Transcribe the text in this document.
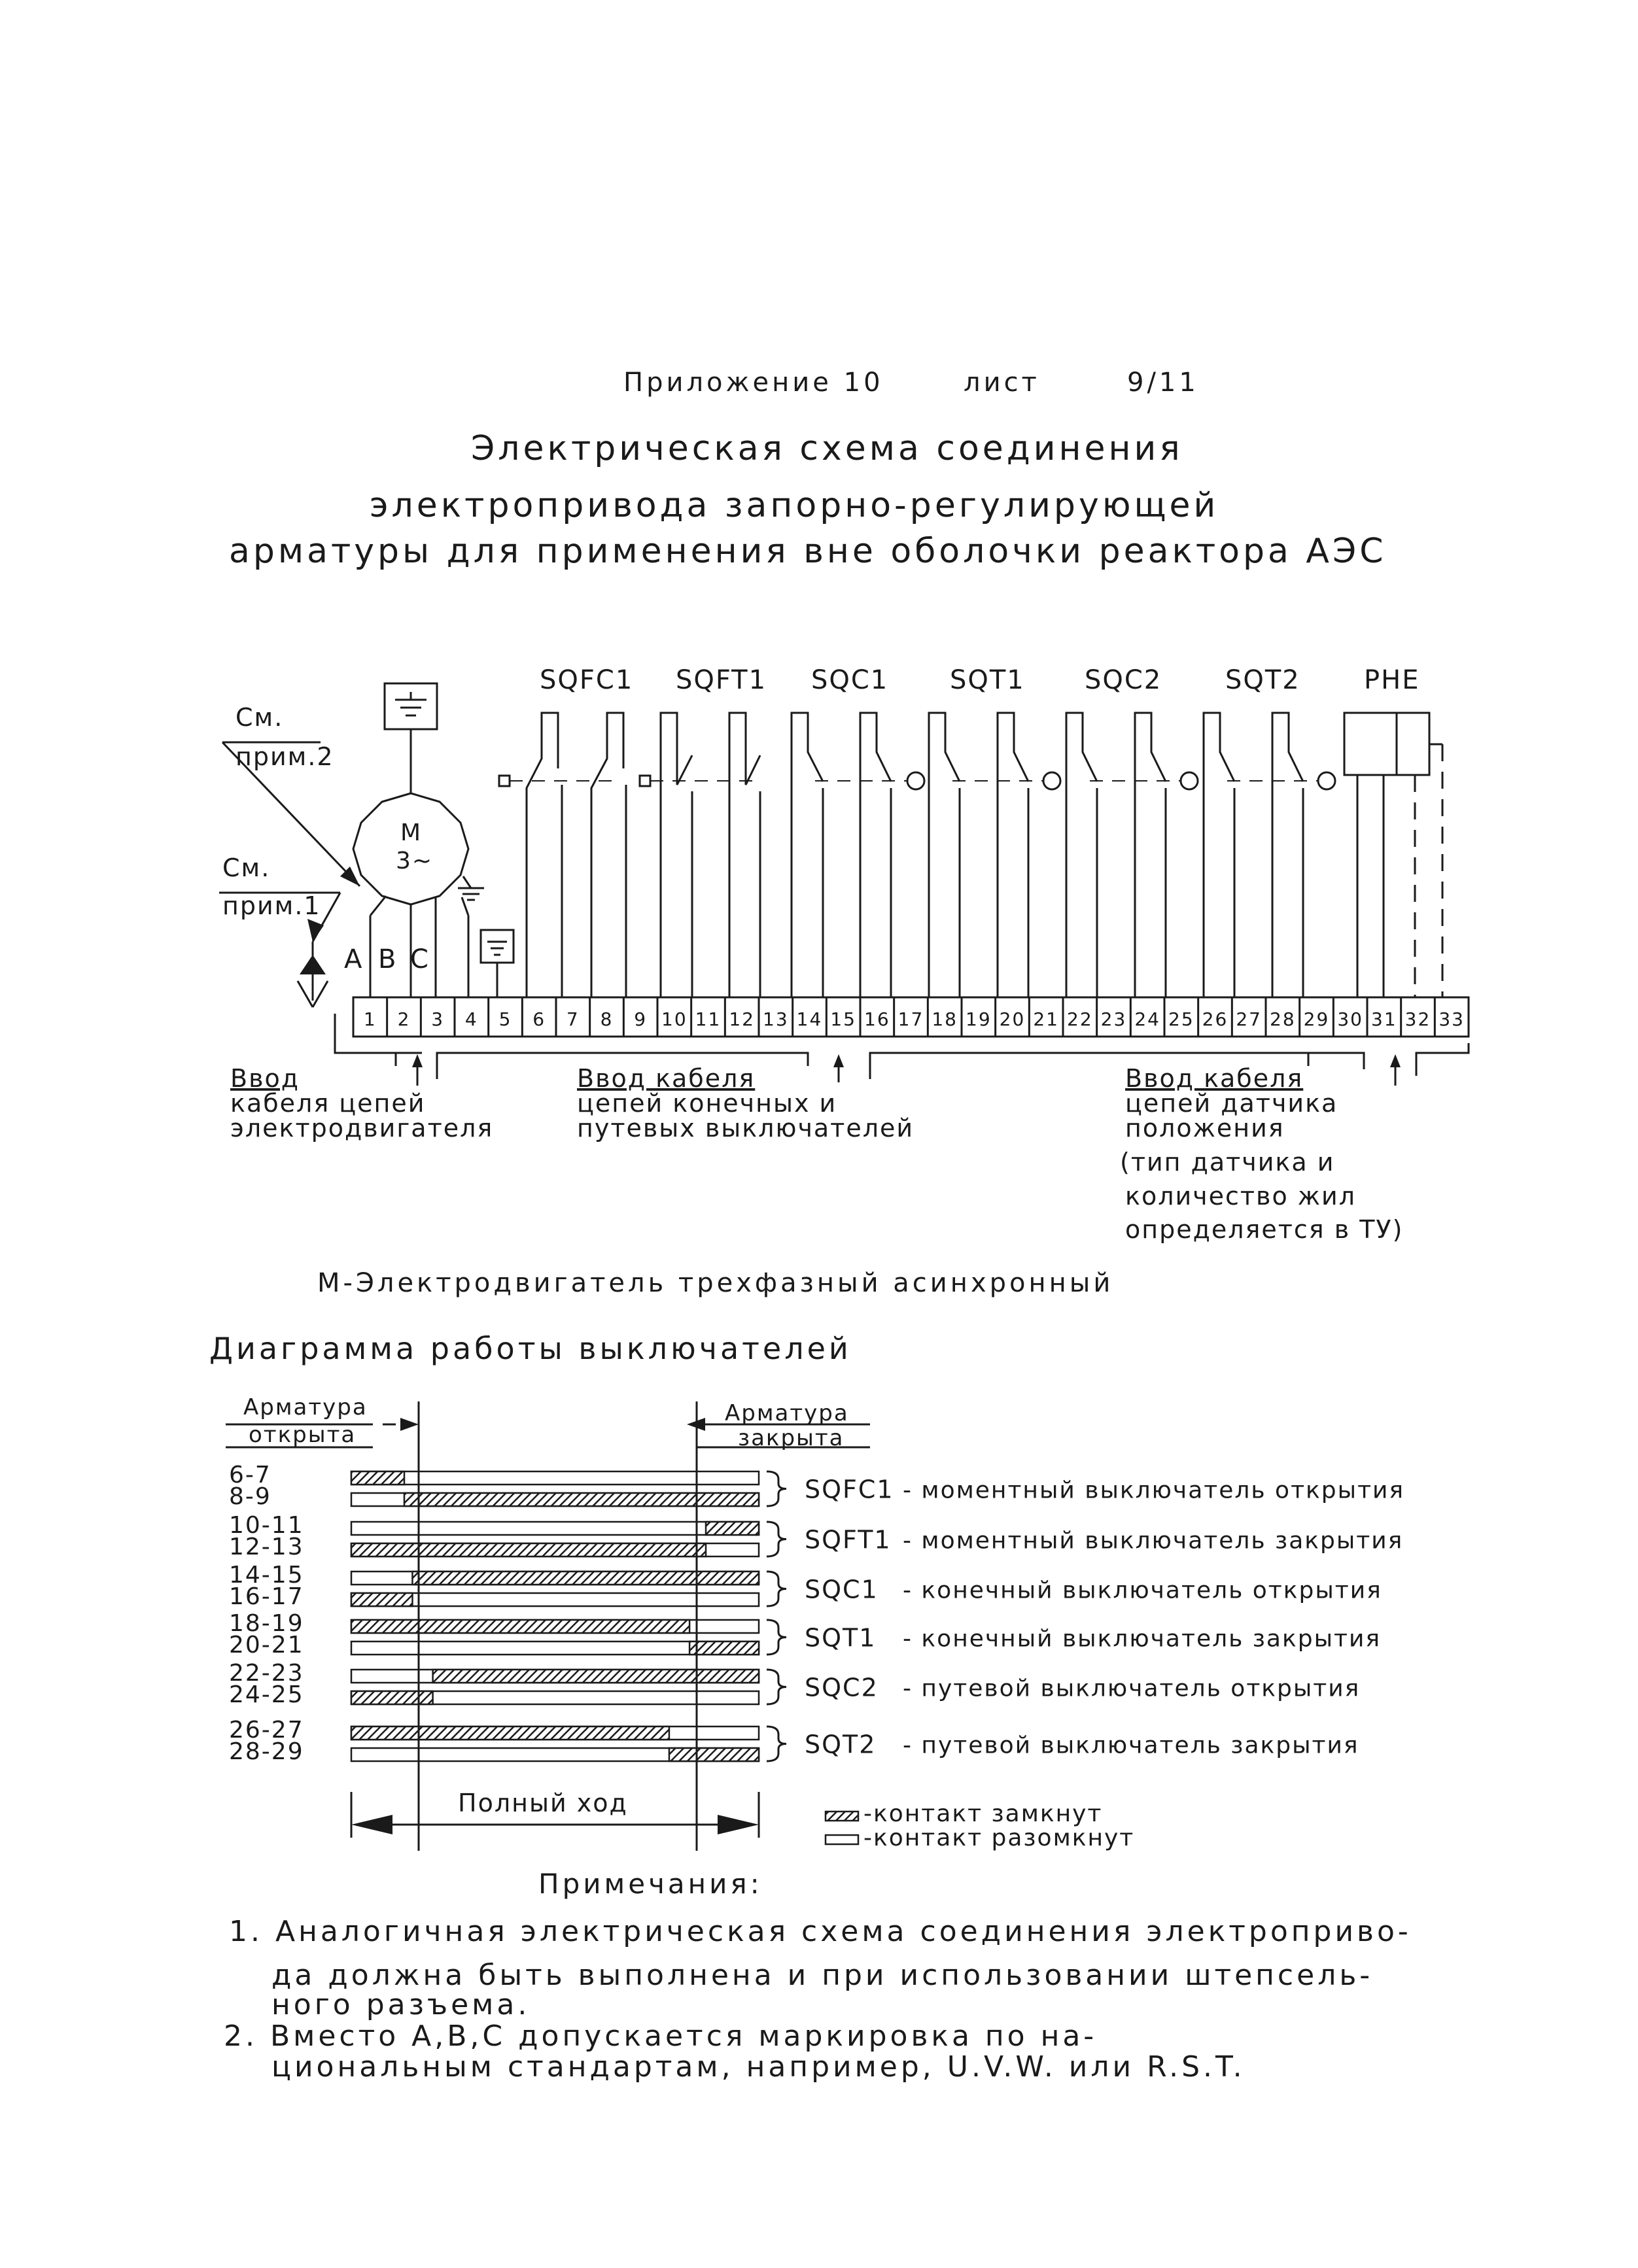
Приложение 10	лист	9/11
Электрическая схема соединения
электропривода запорно-регулирующей
арматуры для применения вне оболочки реактора АЭС
SQFC1 SQFT1 SQC1 SQT1 SQC2 SQT2 PHE
M
3~
A B C
См.
прим.2
См.
прим.1
1 2 3 4 5 6 7 8 9 10 11 12 13 14 15 16 17 18 19 20 21 22 23 24 25 26 27 28 29 30 31 32 33
Ввод
кабеля цепей
электродвигателя
Ввод кабеля
цепей конечных и
путевых выключателей
Ввод кабеля
цепей датчика
положения
(тип датчика и
количество жил
определяется в ТУ)
М-Электродвигатель трехфазный асинхронный
Диаграмма работы выключателей
Арматура
открыта
Арматура
закрыта
6-7
8-9
10-11
12-13
14-15
16-17
18-19
20-21
22-23
24-25
26-27
28-29
SQFC1 - моментный выключатель открытия
SQFT1 - моментный выключатель закрытия
SQC1 - конечный выключатель открытия
SQT1 - конечный выключатель закрытия
SQC2 - путевой выключатель открытия
SQT2 - путевой выключатель закрытия
Полный ход	-контакт замкнут
-контакт разомкнут
Примечания:
1. Аналогичная электрическая схема соединения электроприво-
да должна быть выполнена и при использовании штепсель-
ного разъема.
2. Вместо А,В,С допускается маркировка по на-
циональным стандартам, например, U.V.W. или R.S.T.
